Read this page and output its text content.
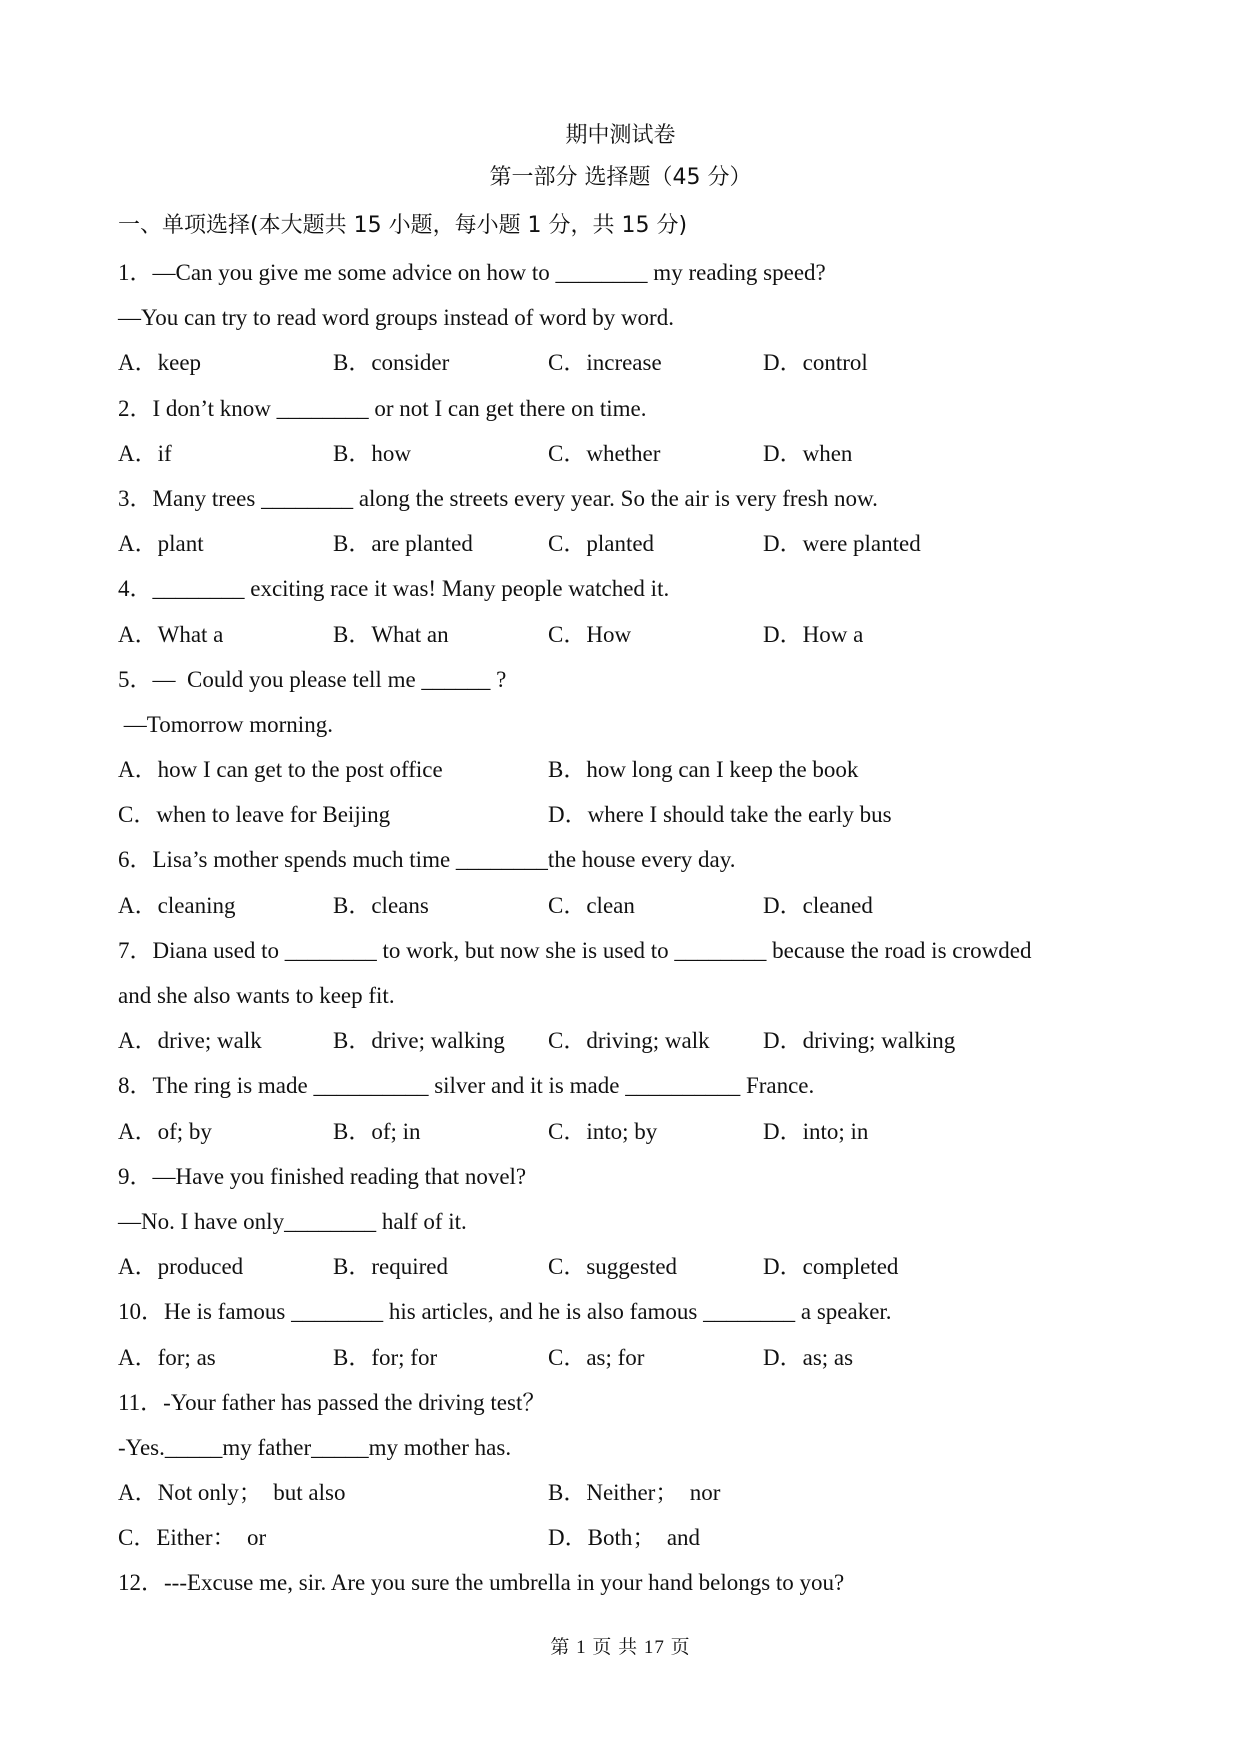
期中测试卷
第一部分 选择题（45 分）
一、单项选择(本大题共 15 小题，每小题 1 分，共 15 分)
1．—Can you give me some advice on how to ________ my reading speed?
—You can try to read word groups instead of word by word.
A．keep	B．consider	C．increase	D．control
2．I don’t know ________ or not I can get there on time.
A．if	B．how	C．whether	D．when
3．Many trees ________ along the streets every year. So the air is very fresh now.
A．plant	B．are planted	C．planted	D．were planted
4．________ exciting race it was! Many people watched it.
A．What a	B．What an	C．How	D．How a
5．—  Could you please tell me ______ ?
—Tomorrow morning.
A．how I can get to the post office	B．how long can I keep the book
C．when to leave for Beijing	D．where I should take the early bus
6．Lisa’s mother spends much time ________the house every day.
A．cleaning	B．cleans	C．clean	D．cleaned
7．Diana used to ________ to work, but now she is used to ________ because the road is crowded
and she also wants to keep fit.
A．drive; walk	B．drive; walking	C．driving; walk	D．driving; walking
8．The ring is made __________ silver and it is made __________ France.
A．of; by	B．of; in	C．into; by	D．into; in
9．—Have you finished reading that novel?
—No. I have only________ half of it.
A．produced	B．required	C．suggested	D．completed
10．He is famous ________ his articles, and he is also famous ________ a speaker.
A．for; as	B．for; for	C．as; for	D．as; as
11．-Your father has passed the driving test？
-Yes._____my father_____my mother has.
A．Not only；  but also	B．Neither；  nor
C．Either：  or	D．Both；  and
12．---Excuse me, sir. Are you sure the umbrella in your hand belongs to you?
第 1 页 共 17 页
